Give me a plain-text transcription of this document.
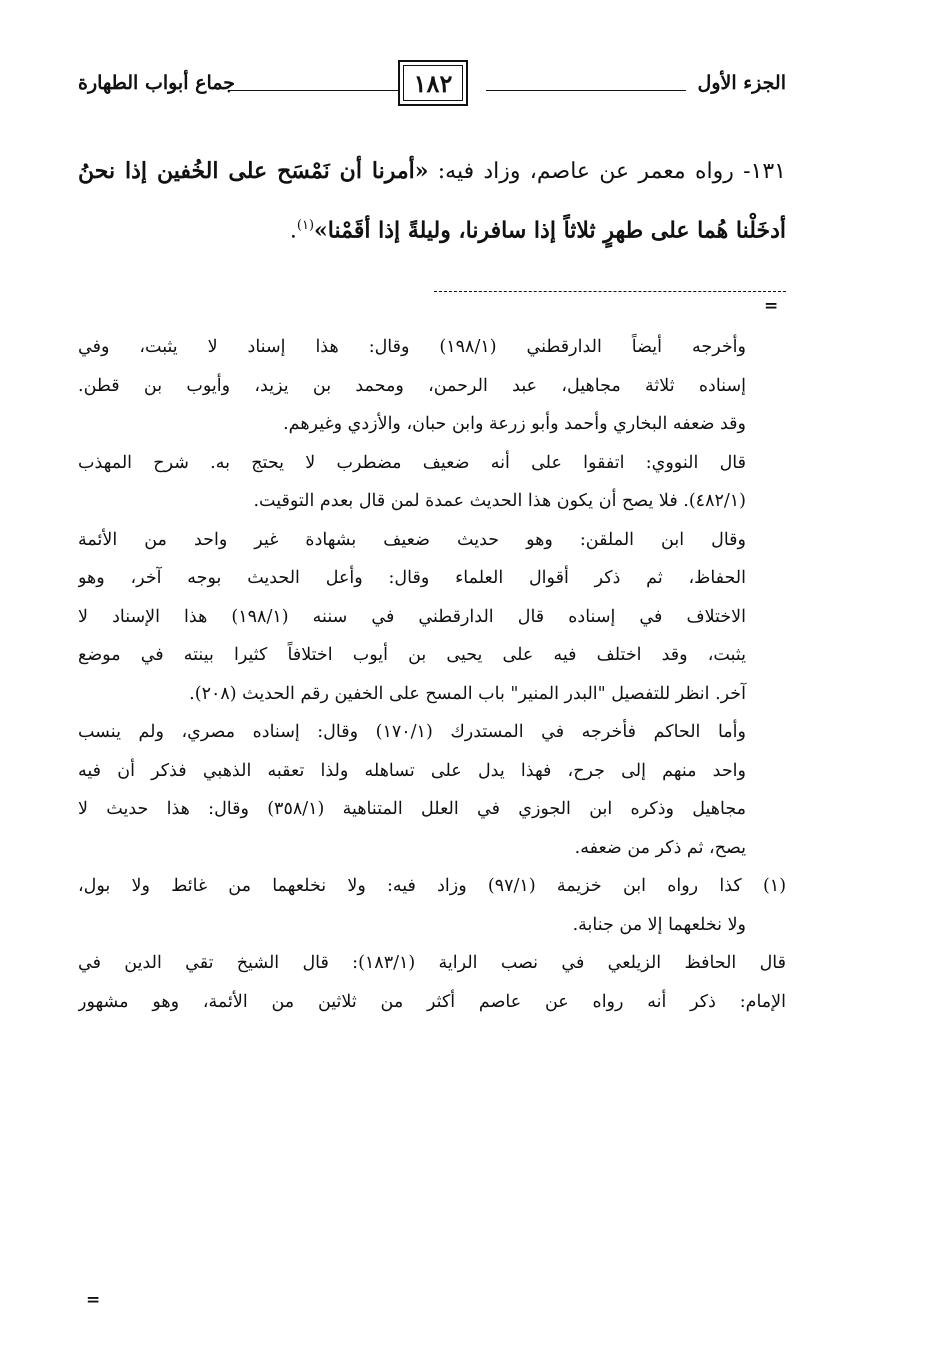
الجزء الأول
١٨٢
جماع أبواب الطهارة

١٣١- رواه معمر عن عاصم، وزاد فيه: «أمرنا أن نَمْسَح على الخُفين إذا نحنُ أدخَلْنا هُما على طهرٍ ثلاثاً إذا سافرنا، وليلةً إذا أقَمْنا»$^{(١)}$.

=

وأخرجه أيضاً الدارقطني (١٩٨/١) وقال: هذا إسناد لا يثبت، وفي

إسناده ثلاثة مجاهيل، عبد الرحمن، ومحمد بن يزيد، وأيوب بن قطن.

وقد ضعفه البخاري وأحمد وأبو زرعة وابن حبان، والأزدي وغيرهم.

قال النووي: اتفقوا على أنه ضعيف مضطرب لا يحتج به. شرح المهذب

(٤٨٢/١). فلا يصح أن يكون هذا الحديث عمدة لمن قال بعدم التوقيت.

وقال ابن الملقن: وهو حديث ضعيف بشهادة غير واحد من الأئمة

الحفاظ، ثم ذكر أقوال العلماء وقال: وأعل الحديث بوجه آخر، وهو

الاختلاف في إسناده قال الدارقطني في سننه (١٩٨/١) هذا الإسناد لا

يثبت، وقد اختلف فيه على يحيى بن أيوب اختلافاً كثيرا بينته في موضع

آخر. انظر للتفصيل "البدر المنير" باب المسح على الخفين رقم الحديث (٢٠٨).

وأما الحاكم فأخرجه في المستدرك (١٧٠/١) وقال: إسناده مصري، ولم ينسب

واحد منهم إلى جرح، فهذا يدل على تساهله ولذا تعقبه الذهبي فذكر أن فيه

مجاهيل وذكره ابن الجوزي في العلل المتناهية (٣٥٨/١) وقال: هذا حديث لا

يصح، ثم ذكر من ضعفه.

(١) كذا رواه ابن خزيمة (٩٧/١) وزاد فيه: ولا نخلعهما من غائط ولا بول،

ولا نخلعهما إلا من جنابة.

قال الحافظ الزيلعي في نصب الراية (١٨٣/١): قال الشيخ تقي الدين في

الإمام: ذكر أنه رواه عن عاصم أكثر من ثلاثين من الأئمة، وهو مشهور

=
